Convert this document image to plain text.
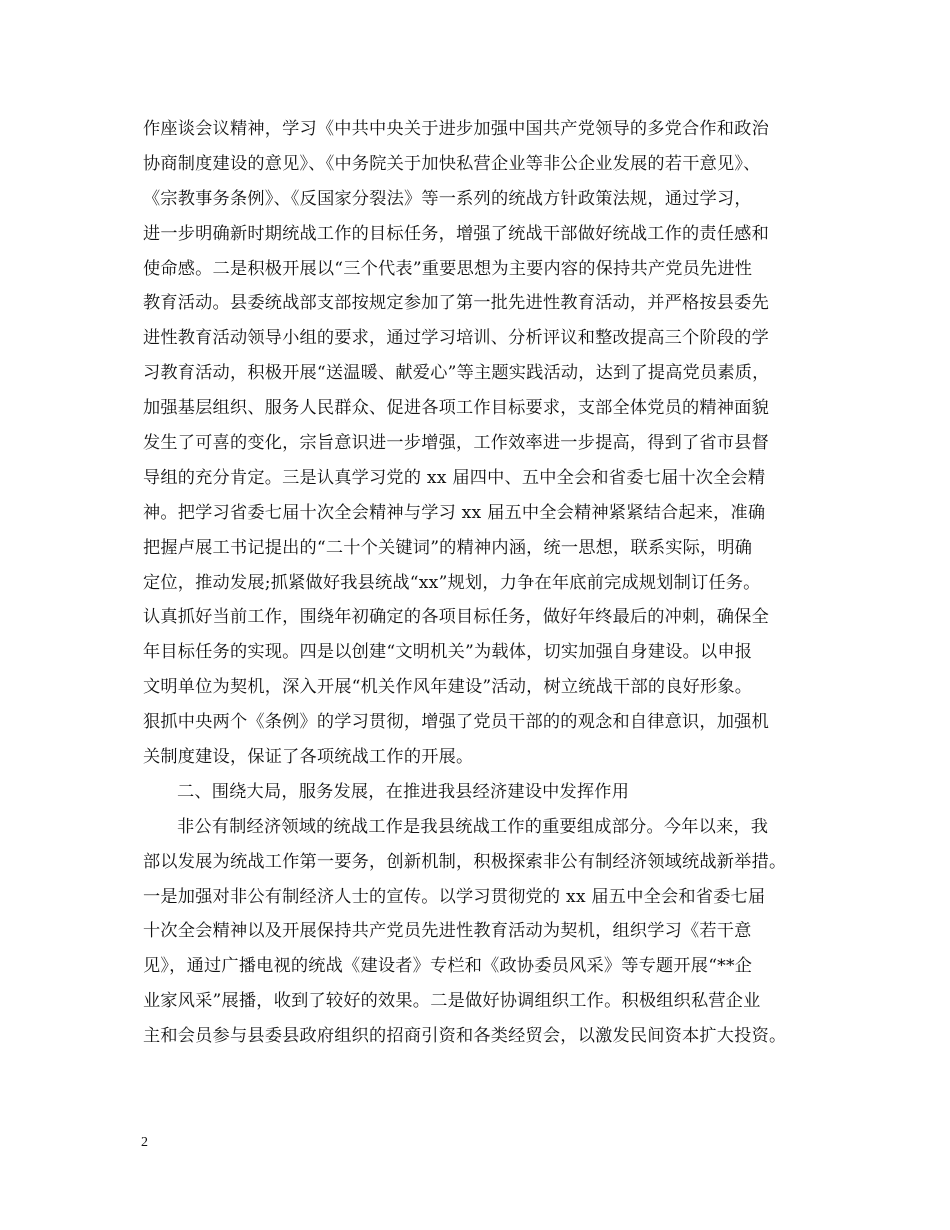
作座谈会议精神，学习《中共中央关于进步加强中国共产党领导的多党合作和政治
协商制度建设的意见》、《中务院关于加快私营企业等非公企业发展的若干意见》、
《宗教事务条例》、《反国家分裂法》等一系列的统战方针政策法规，通过学习，
进一步明确新时期统战工作的目标任务，增强了统战干部做好统战工作的责任感和
使命感。二是积极开展以“三个代表”重要思想为主要内容的保持共产党员先进性
教育活动。县委统战部支部按规定参加了第一批先进性教育活动，并严格按县委先
进性教育活动领导小组的要求，通过学习培训、分析评议和整改提高三个阶段的学
习教育活动，积极开展“送温暖、献爱心”等主题实践活动，达到了提高党员素质，
加强基层组织、服务人民群众、促进各项工作目标要求，支部全体党员的精神面貌
发生了可喜的变化，宗旨意识进一步增强，工作效率进一步提高，得到了省市县督
导组的充分肯定。三是认真学习党的 xx 届四中、五中全会和省委七届十次全会精
神。把学习省委七届十次全会精神与学习 xx 届五中全会精神紧紧结合起来，准确
把握卢展工书记提出的“二十个关键词”的精神内涵，统一思想，联系实际，明确
定位，推动发展;抓紧做好我县统战“xx”规划，力争在年底前完成规划制订任务。
认真抓好当前工作，围绕年初确定的各项目标任务，做好年终最后的冲刺，确保全
年目标任务的实现。四是以创建“文明机关”为载体，切实加强自身建设。以申报
文明单位为契机，深入开展“机关作风年建设”活动，树立统战干部的良好形象。
狠抓中央两个《条例》的学习贯彻，增强了党员干部的的观念和自律意识，加强机
关制度建设，保证了各项统战工作的开展。
二、围绕大局，服务发展，在推进我县经济建设中发挥作用
非公有制经济领域的统战工作是我县统战工作的重要组成部分。今年以来，我
部以发展为统战工作第一要务，创新机制，积极探索非公有制经济领域统战新举措。
一是加强对非公有制经济人士的宣传。以学习贯彻党的 xx 届五中全会和省委七届
十次全会精神以及开展保持共产党员先进性教育活动为契机，组织学习《若干意
见》，通过广播电视的统战《建设者》专栏和《政协委员风采》等专题开展“**企
业家风采”展播，收到了较好的效果。二是做好协调组织工作。积极组织私营企业
主和会员参与县委县政府组织的招商引资和各类经贸会，以激发民间资本扩大投资。
2
